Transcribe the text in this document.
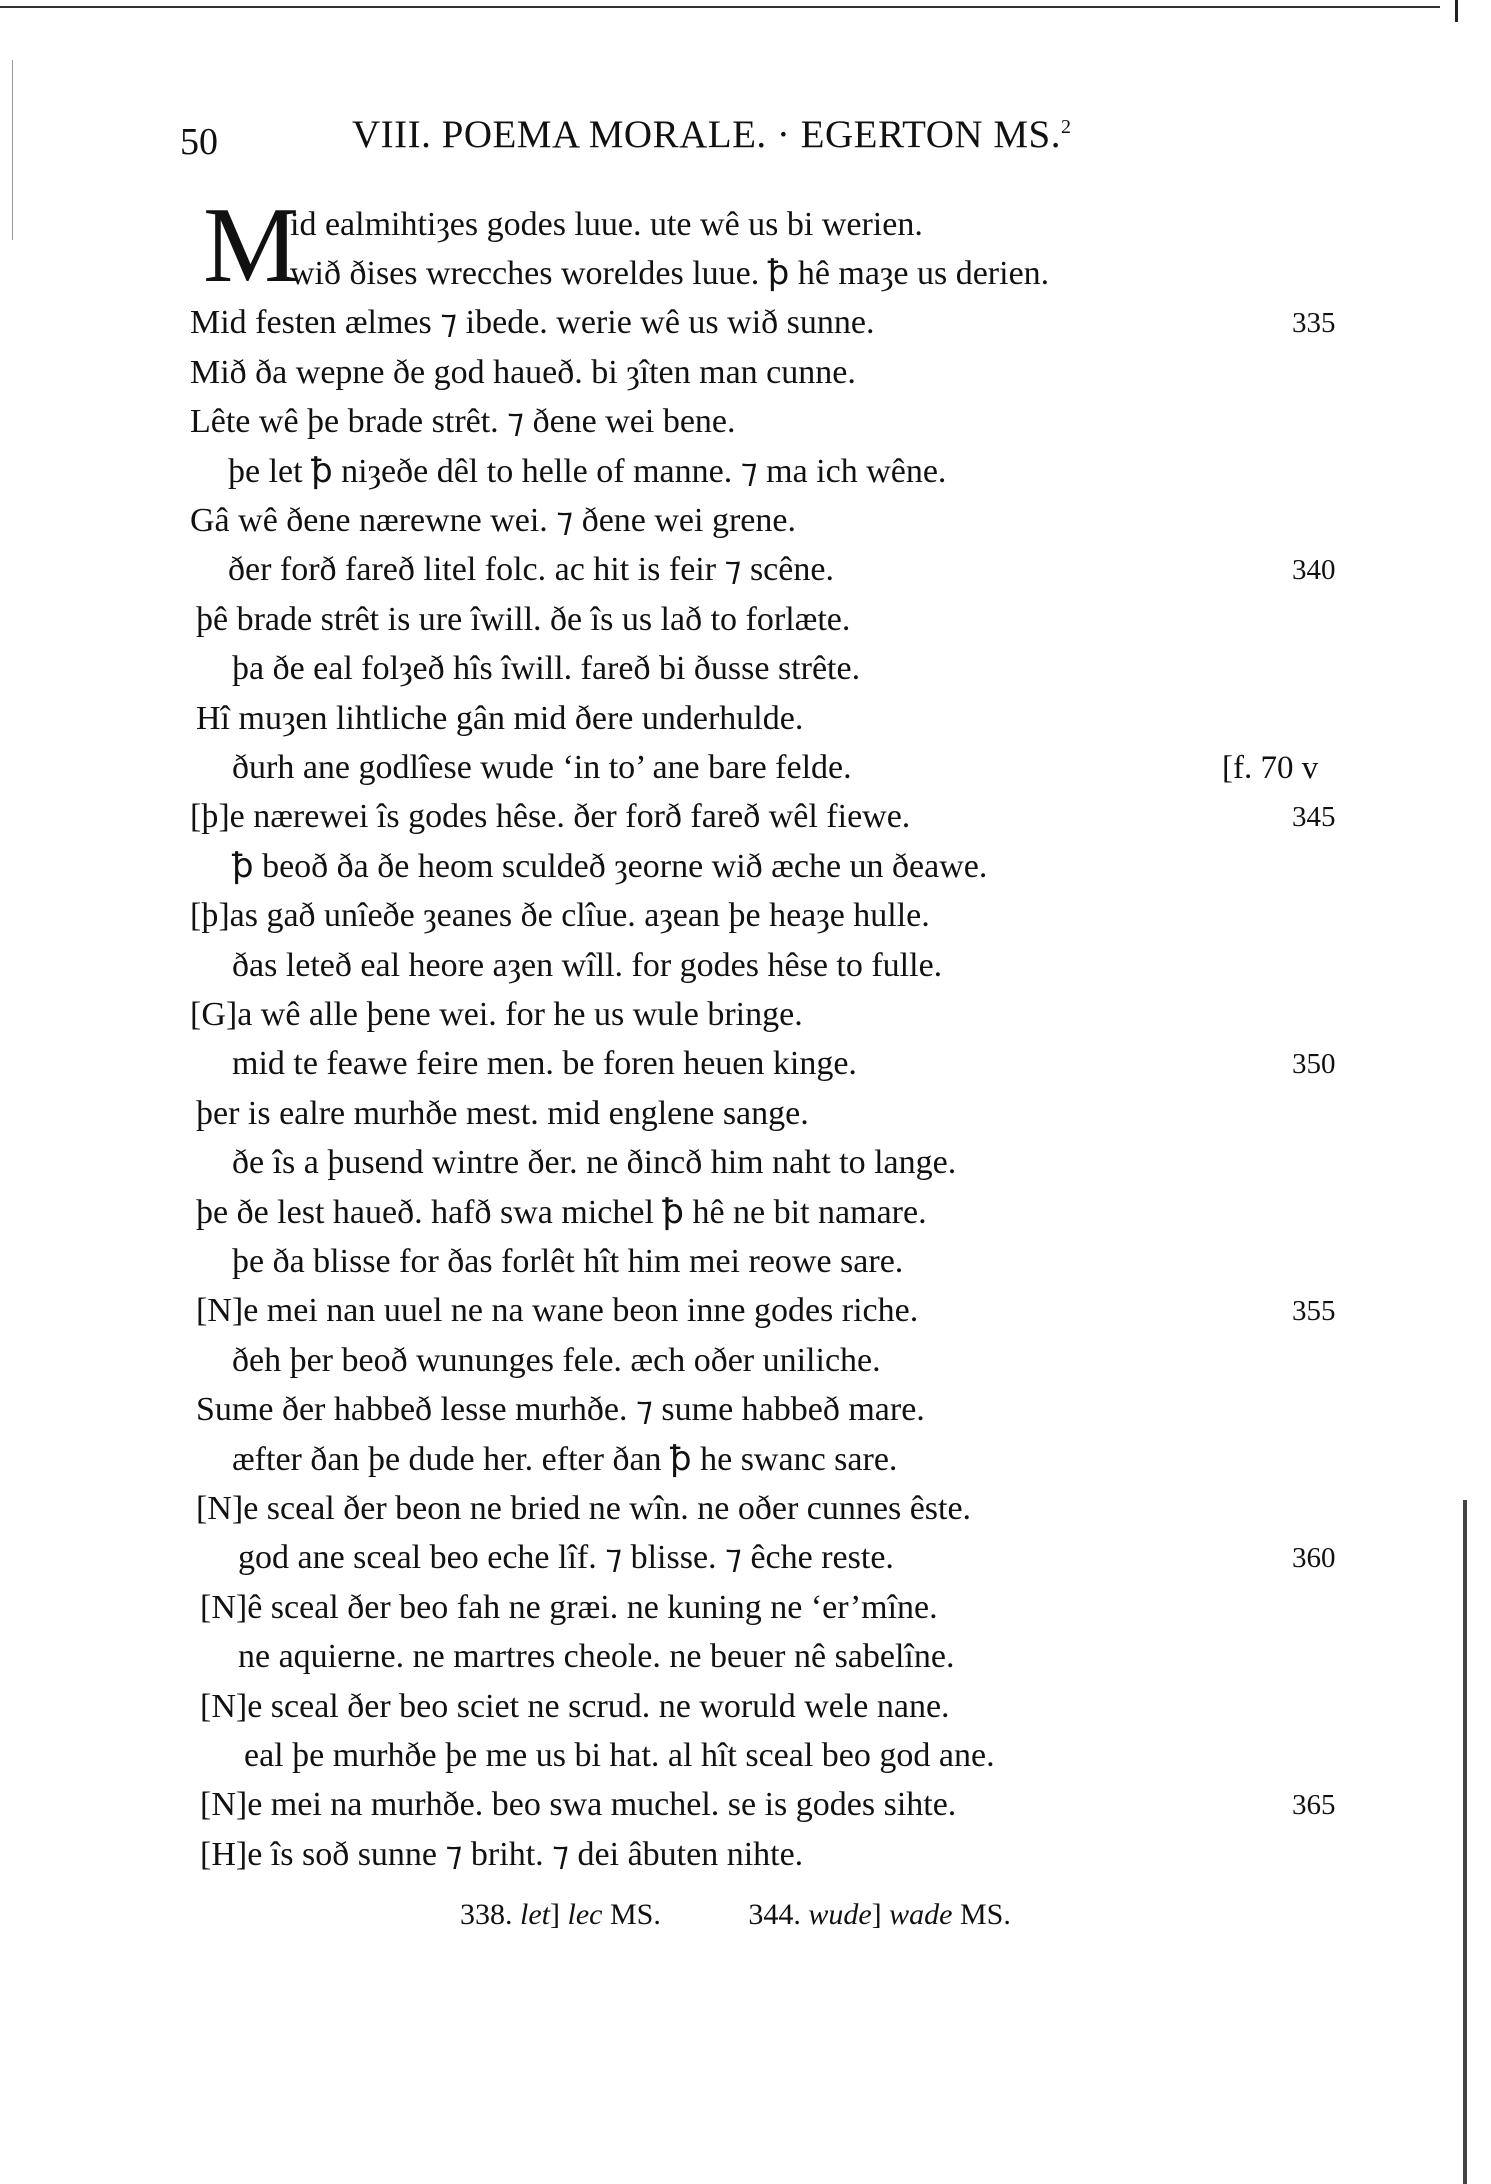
50	VIII. POEMA MORALE. · EGERTON MS.$^2$
M
id ealmihtiȝes godes luue. ute wê us bi werien.
wið ðises wrecches woreldes luue. ꝥ hê maȝe us derien.
Mid festen ælmes ⁊ ibede. werie wê us wið sunne.
Mið ða wepne ðe god haueð. bi ȝîten man cunne.
Lête wê þe brade strêt. ⁊ ðene wei bene.
þe let ꝥ niȝeðe dêl to helle of manne. ⁊ ma ich wêne.
Gâ wê ðene nærewne wei. ⁊ ðene wei grene.
ðer forð fareð litel folc. ac hit is feir ⁊ scêne.
þê brade strêt is ure îwill. ðe îs us lað to forlæte.
þa ðe eal folȝeð hîs îwill. fareð bi ðusse strête.
Hî muȝen lihtliche gân mid ðere underhulde.
ðurh ane godlîese wude ‘in to’ ane bare felde.
[þ]e nærewei îs godes hêse. ðer forð fareð wêl fiewe.
ꝥ beoð ða ðe heom sculdeð ȝeorne wið æche un ðeawe.
[þ]as gað unîeðe ȝeanes ðe clîue. aȝean þe heaȝe hulle.
ðas leteð eal heore aȝen wîll. for godes hêse to fulle.
[G]a wê alle þene wei. for he us wule bringe.
mid te feawe feire men. be foren heuen kinge.
þer is ealre murhðe mest. mid englene sange.
ðe îs a þusend wintre ðer. ne ðincð him naht to lange.
þe ðe lest haueð. hafð swa michel ꝥ hê ne bit namare.
þe ða blisse for ðas forlêt hît him mei reowe sare.
[N]e mei nan uuel ne na wane beon inne godes riche.
ðeh þer beoð wununges fele. æch oðer uniliche.
Sume ðer habbeð lesse murhðe. ⁊ sume habbeð mare.
æfter ðan þe dude her. efter ðan ꝥ he swanc sare.
[N]e sceal ðer beon ne bried ne wîn. ne oðer cunnes êste.
god ane sceal beo eche lîf. ⁊ blisse. ⁊ êche reste.
[N]ê sceal ðer beo fah ne græi. ne kuning ne ‘er’mîne.
ne aquierne. ne martres cheole. ne beuer nê sabelîne.
[N]e sceal ðer beo sciet ne scrud. ne woruld wele nane.
eal þe murhðe þe me us bi hat. al hît sceal beo god ane.
[N]e mei na murhðe. beo swa muchel. se is godes sihte.
[H]e îs soð sunne ⁊ briht. ⁊ dei âbuten nihte.
335
340
345
350
355
360
365
[f. 70 v
338. let] lec MS.	344. wude] wade MS.
